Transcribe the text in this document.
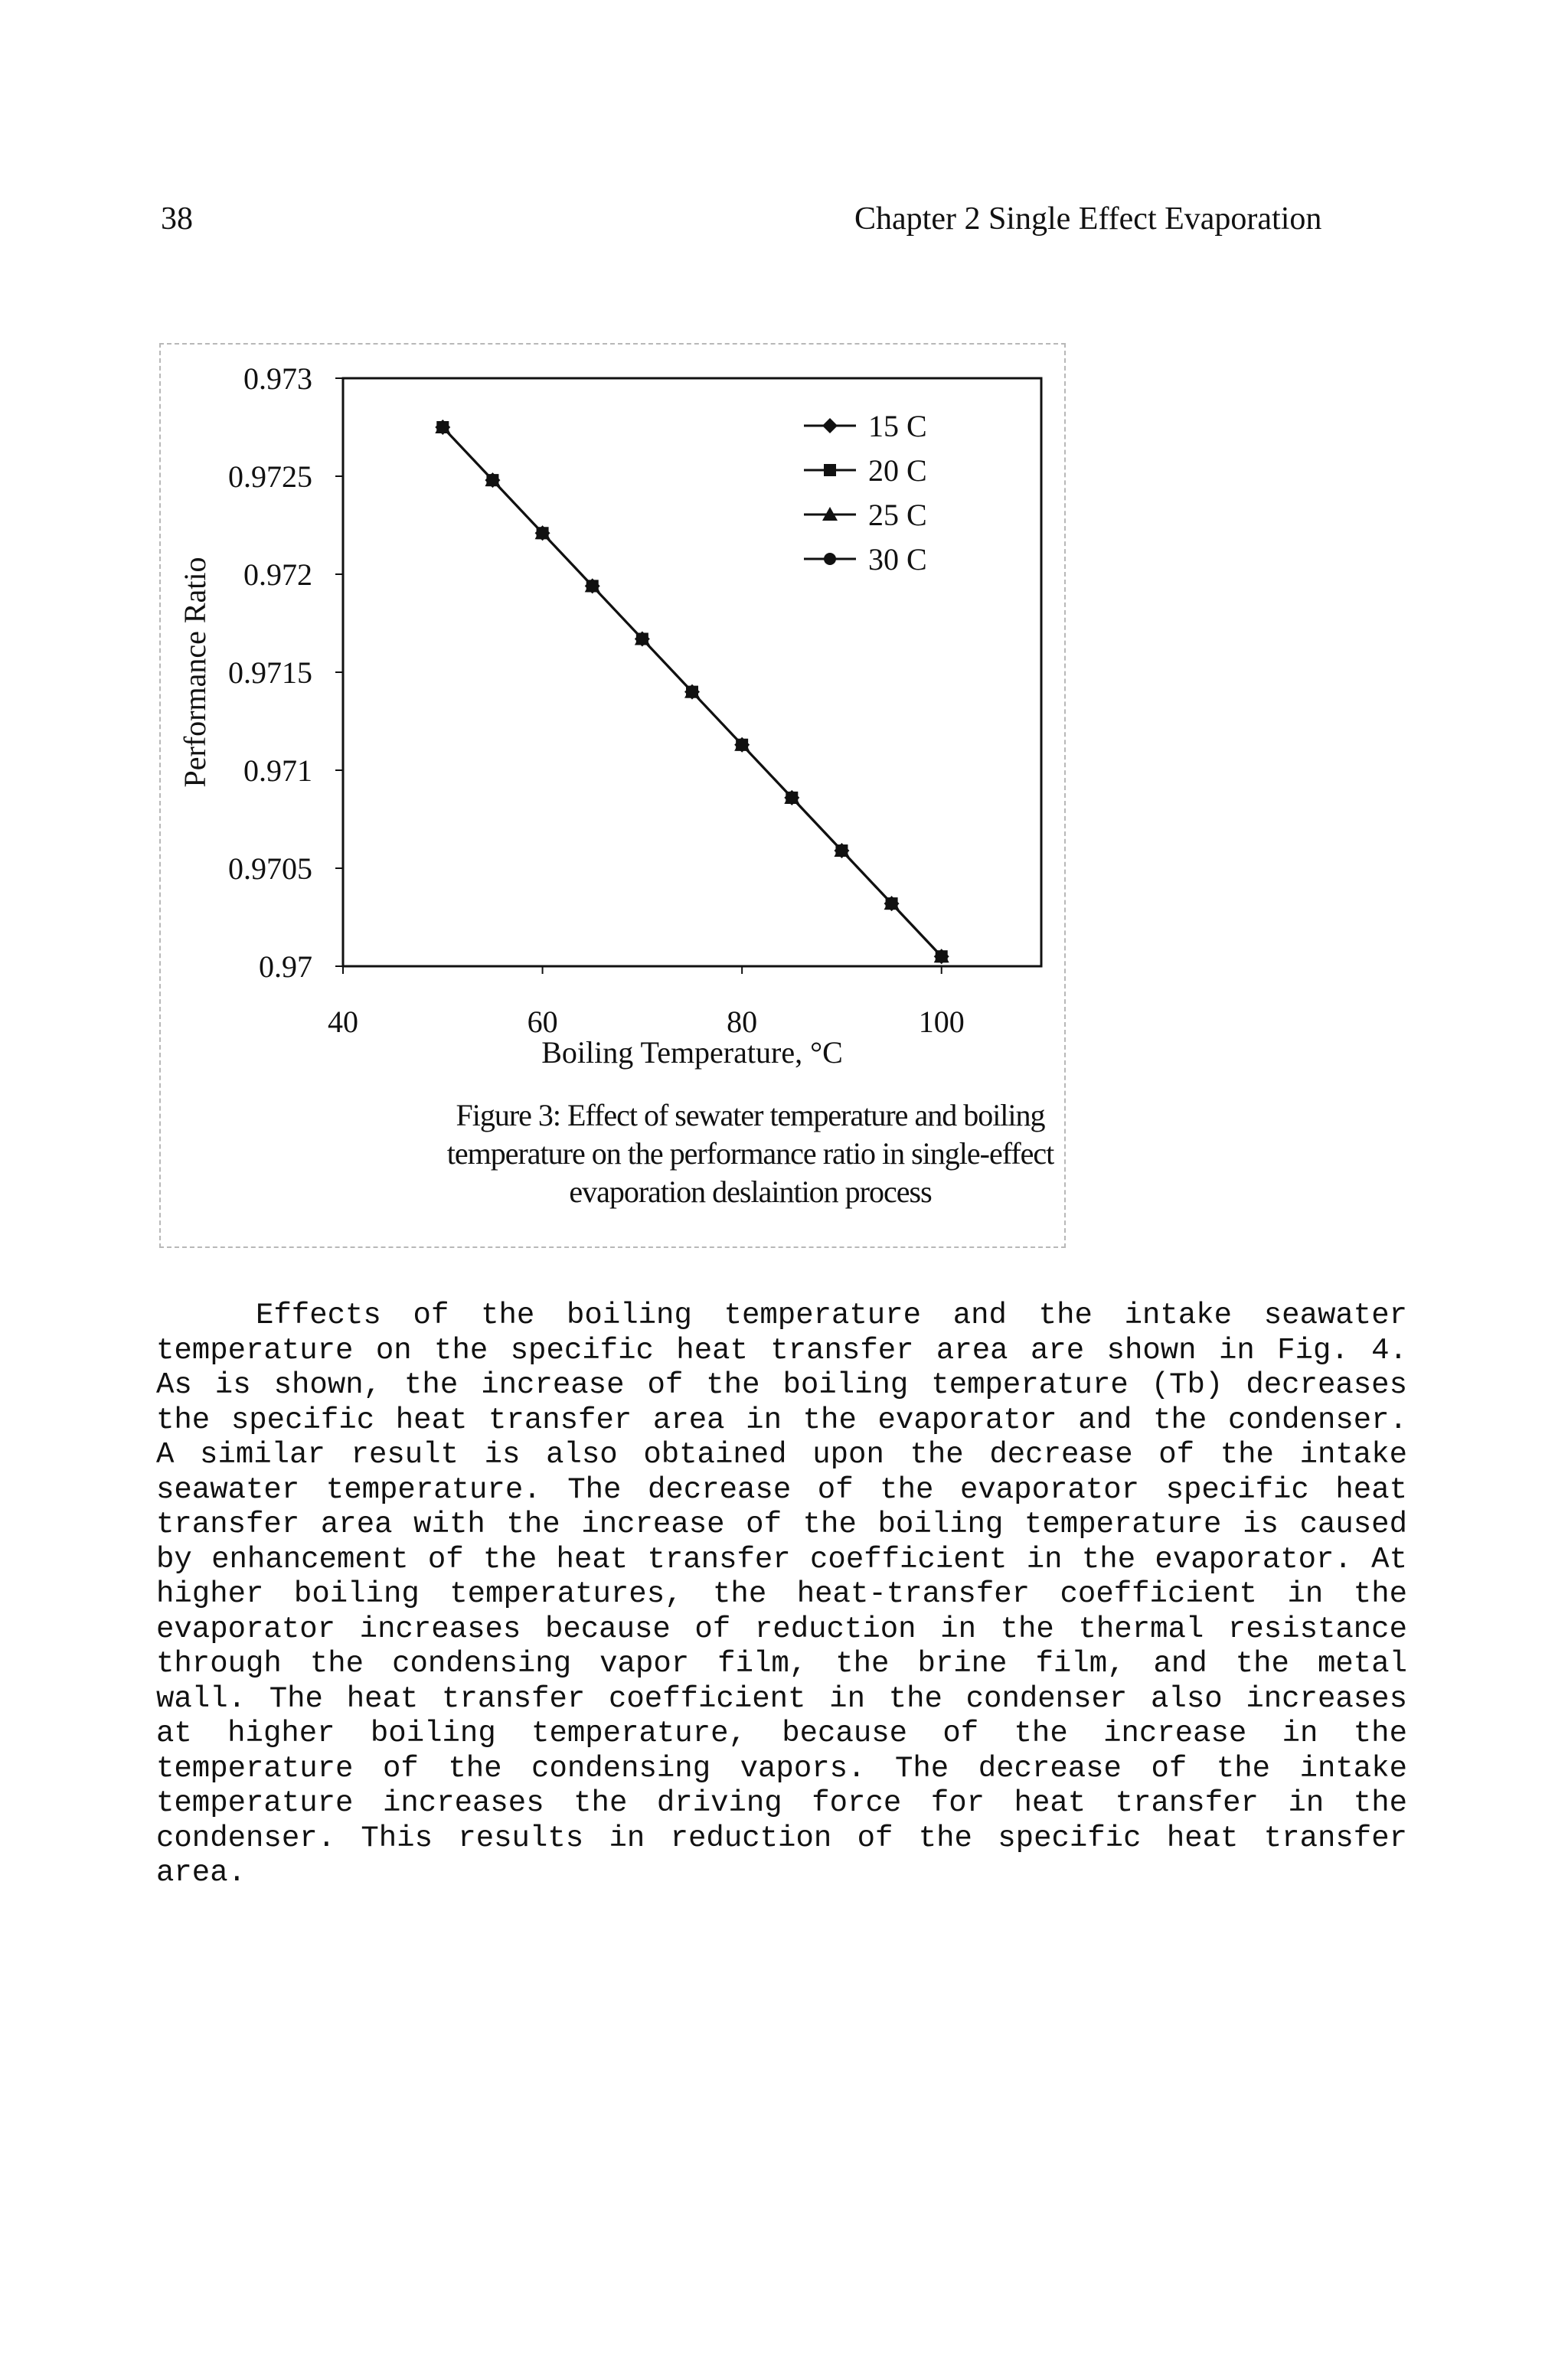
38	Chapter 2 Single Effect Evaporation
0.97
0.9705
0.971
0.9715
0.972
0.9725
0.973
40	60	80	100
Boiling Temperature, °C
Performance Ratio
15 C
20 C
25 C
30 C
Figure 3: Effect of sewater temperature and boiling temperature on the performance ratio in single-effect evaporation deslaintion process

Effects of the boiling temperature and the intake seawater temperature on the specific heat transfer area are shown in Fig. 4. As is shown, the increase of the boiling temperature (Tb) decreases the specific heat transfer area in the evaporator and the condenser. A similar result is also obtained upon the decrease of the intake seawater temperature. The decrease of the evaporator specific heat transfer area with the increase of the boiling temperature is caused by enhancement of the heat transfer coefficient in the evaporator. At higher boiling temperatures, the heat-transfer coefficient in the evaporator increases because of reduction in the thermal resistance through the condensing vapor film, the brine film, and the metal wall. The heat transfer coefficient in the condenser also increases at higher boiling temperature, because of the increase in the temperature of the condensing vapors. The decrease of the intake temperature increases the driving force for heat transfer in the condenser. This results in reduction of the specific heat transfer area.
